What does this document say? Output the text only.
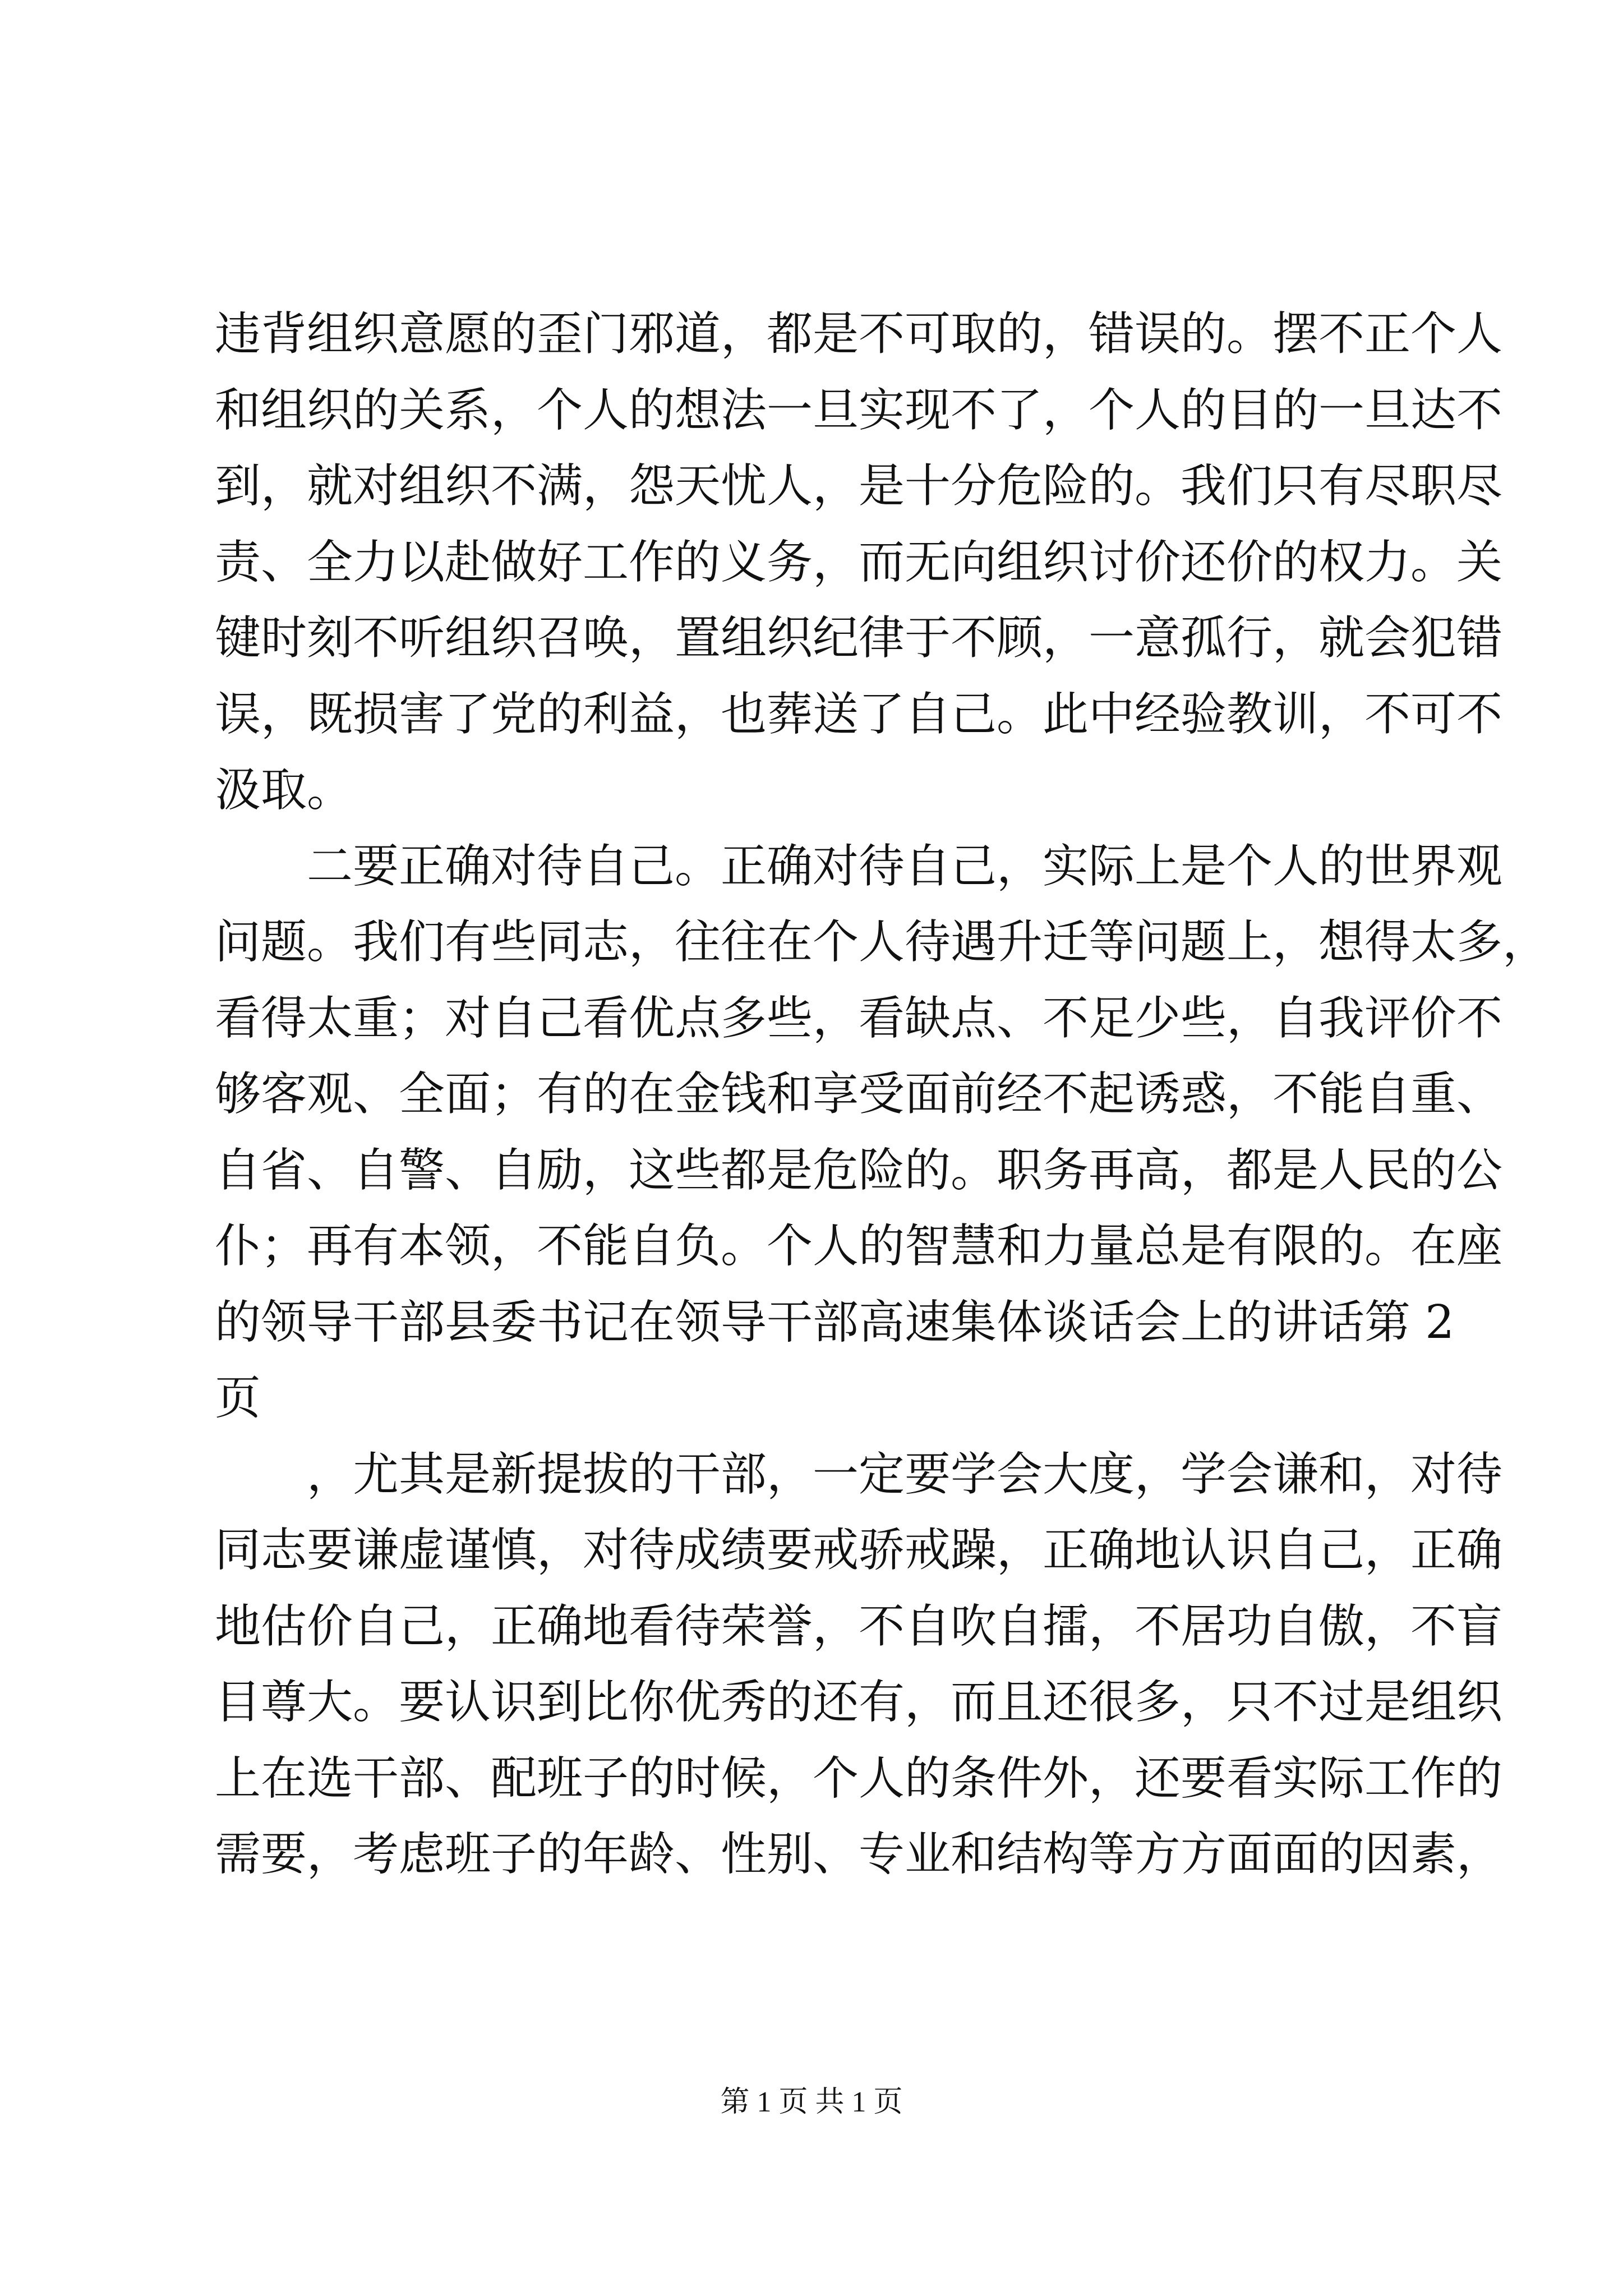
违背组织意愿的歪门邪道，都是不可取的，错误的。摆不正个人
和组织的关系，个人的想法一旦实现不了，个人的目的一旦达不
到，就对组织不满，怨天忧人，是十分危险的。我们只有尽职尽
责、全力以赴做好工作的义务，而无向组织讨价还价的权力。关
键时刻不听组织召唤，置组织纪律于不顾，一意孤行，就会犯错
误，既损害了党的利益，也葬送了自己。此中经验教训，不可不
汲取。
　　二要正确对待自己。正确对待自己，实际上是个人的世界观
问题。我们有些同志，往往在个人待遇升迁等问题上，想得太多，
看得太重；对自己看优点多些，看缺点、不足少些，自我评价不
够客观、全面；有的在金钱和享受面前经不起诱惑，不能自重、
自省、自警、自励，这些都是危险的。职务再高，都是人民的公
仆；再有本领，不能自负。个人的智慧和力量总是有限的。在座
的领导干部县委书记在领导干部高速集体谈话会上的讲话第 2
页
　　，尤其是新提拔的干部，一定要学会大度，学会谦和，对待
同志要谦虚谨慎，对待成绩要戒骄戒躁，正确地认识自己，正确
地估价自己，正确地看待荣誉，不自吹自擂，不居功自傲，不盲
目尊大。要认识到比你优秀的还有，而且还很多，只不过是组织
上在选干部、配班子的时候，个人的条件外，还要看实际工作的
需要，考虑班子的年龄、性别、专业和结构等方方面面的因素，
第 1 页 共 1 页
